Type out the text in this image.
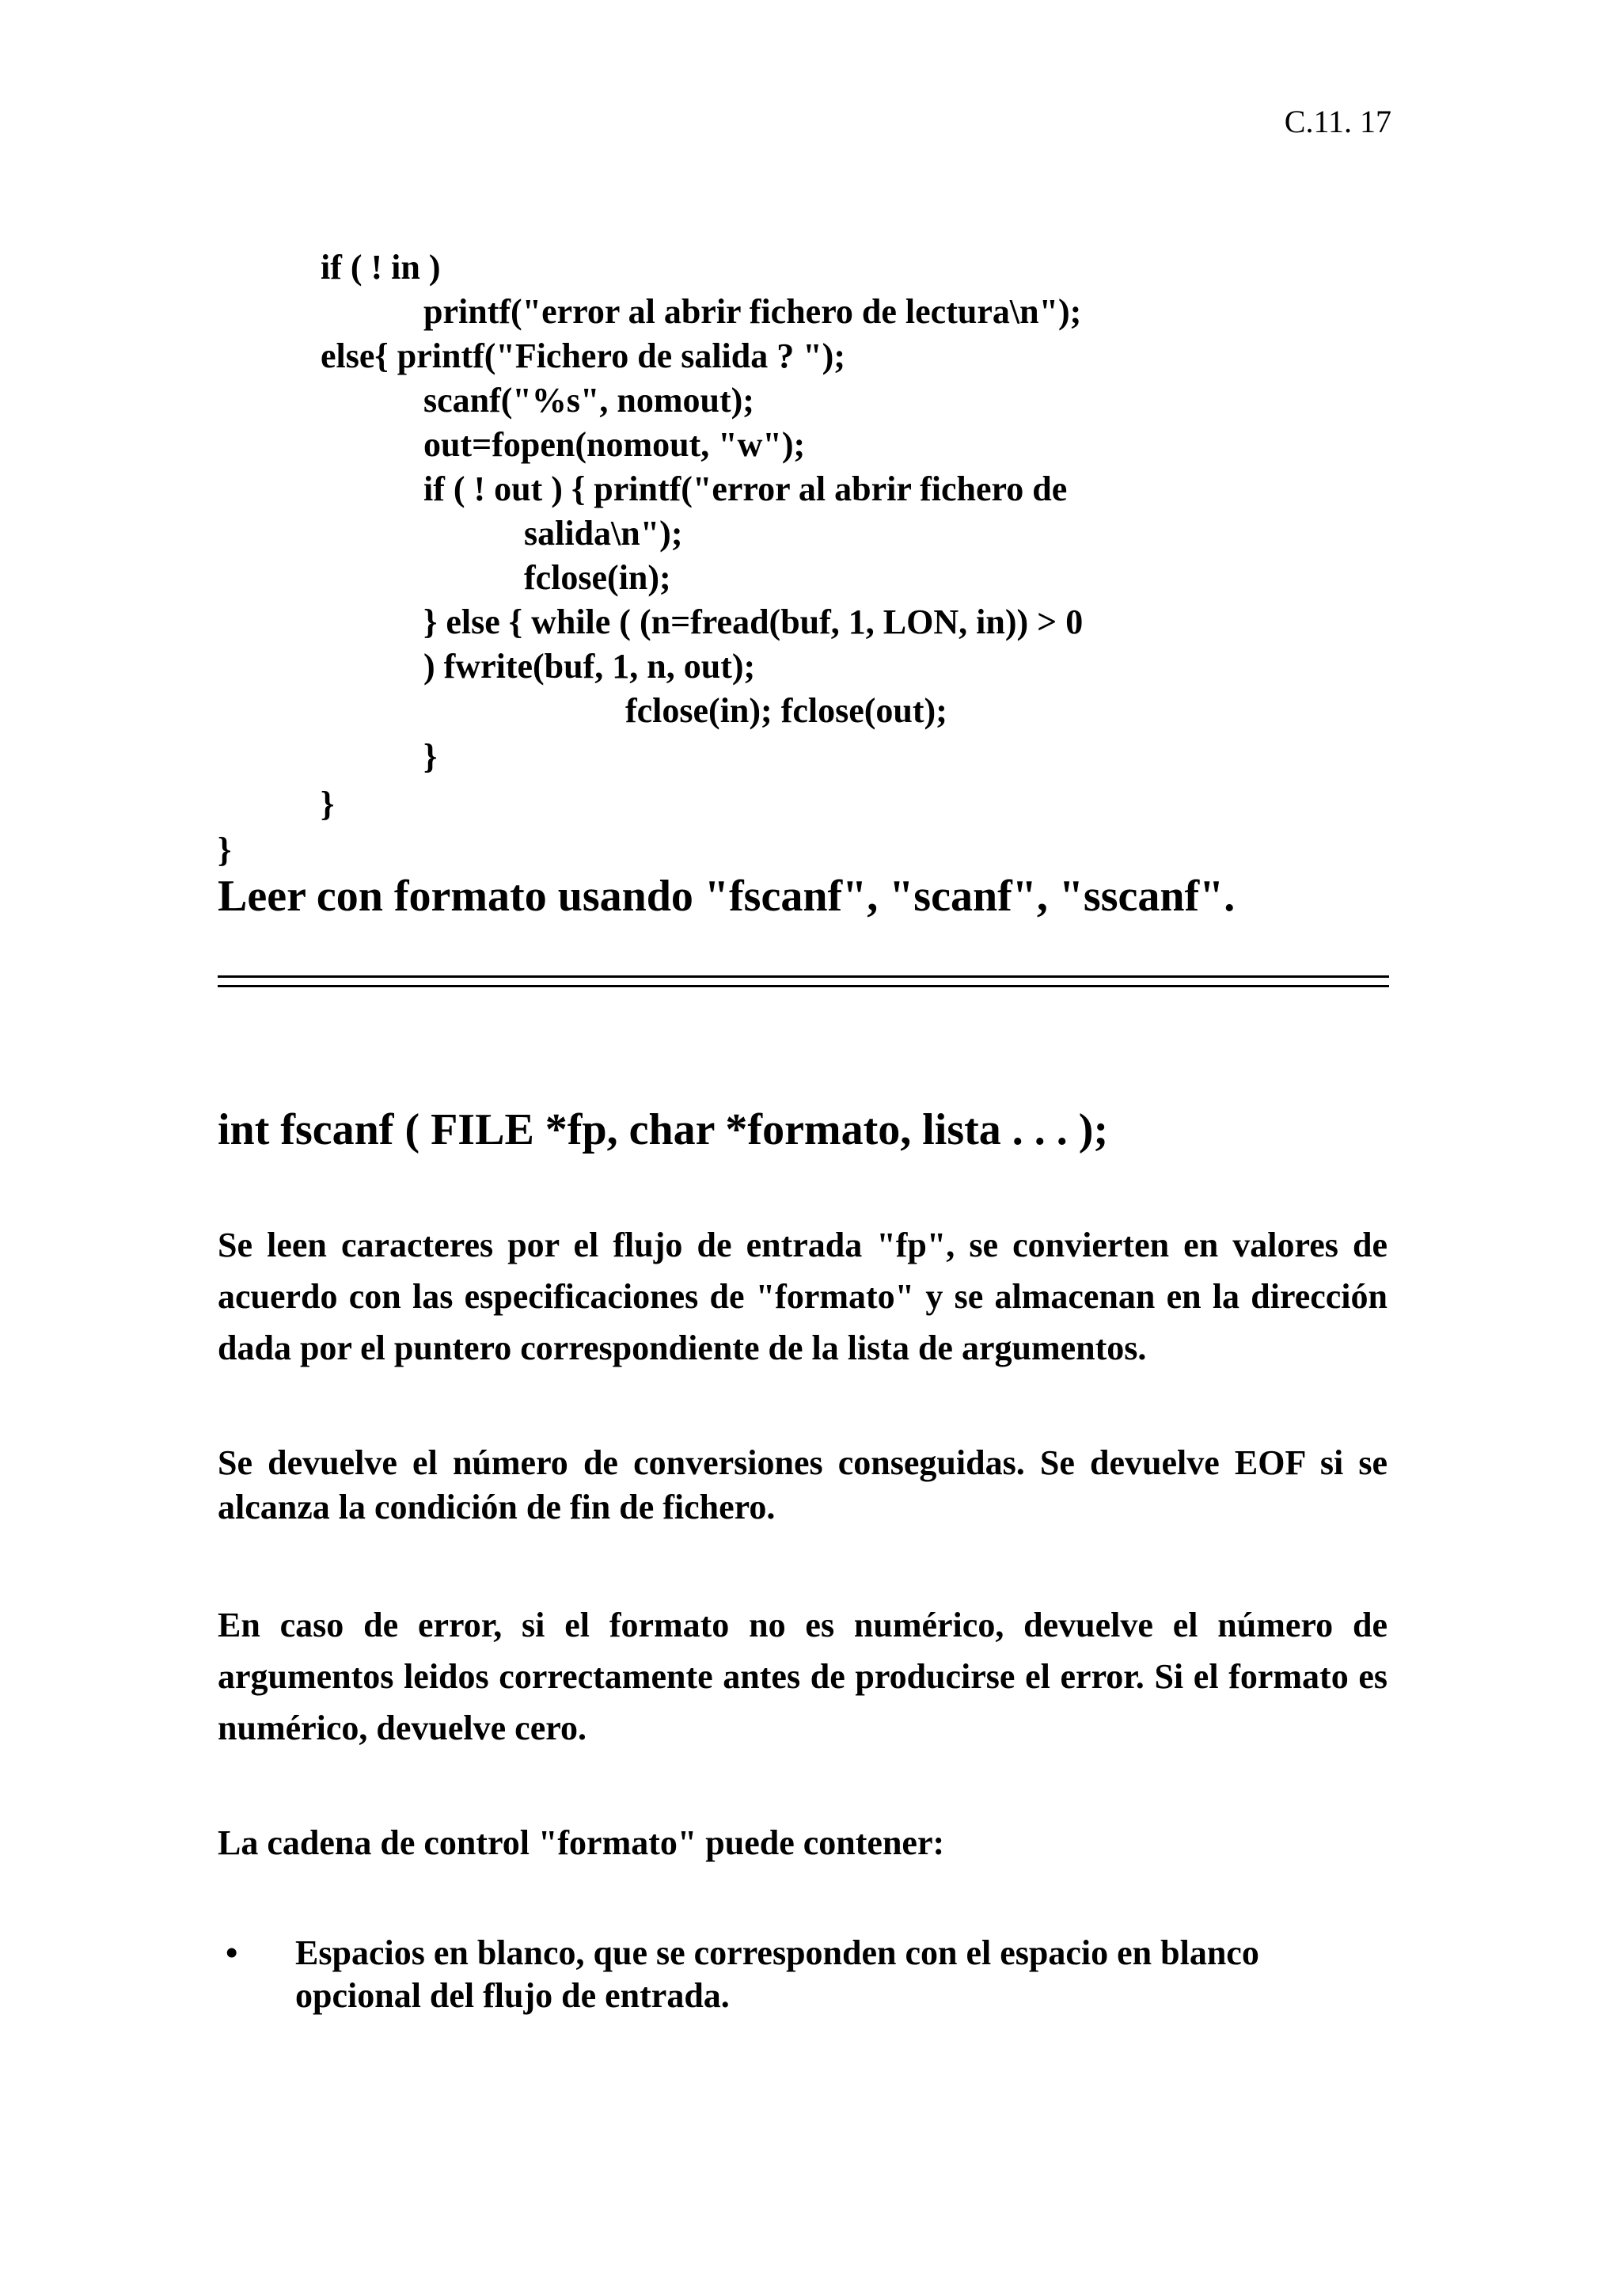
C.11. 17
if ( ! in )
printf("error al abrir fichero de lectura\n");
else{ printf("Fichero de salida ? ");
scanf("%s", nomout);
out=fopen(nomout, "w");
if ( ! out ) { printf("error al abrir fichero de
salida\n");
fclose(in);
} else { while ( (n=fread(buf, 1, LON, in)) > 0
) fwrite(buf, 1, n, out);
fclose(in); fclose(out);
}
}
}
Leer con formato usando "fscanf", "scanf", "sscanf".
int fscanf ( FILE *fp, char *formato, lista . . . );
Se leen caracteres por el flujo de entrada "fp", se convierten en valores de acuerdo con las especificaciones de "formato" y se almacenan en la dirección dada por el puntero correspondiente de la lista de argumentos.
Se devuelve el número de conversiones conseguidas. Se devuelve EOF si se alcanza la condición de fin de fichero.
En caso de error, si el formato no es numérico, devuelve el número de argumentos leidos correctamente antes de producirse el error. Si el formato es numérico, devuelve cero.
La cadena de control "formato" puede contener:
• Espacios en blanco, que se corresponden con el espacio en blanco opcional del flujo de entrada.
